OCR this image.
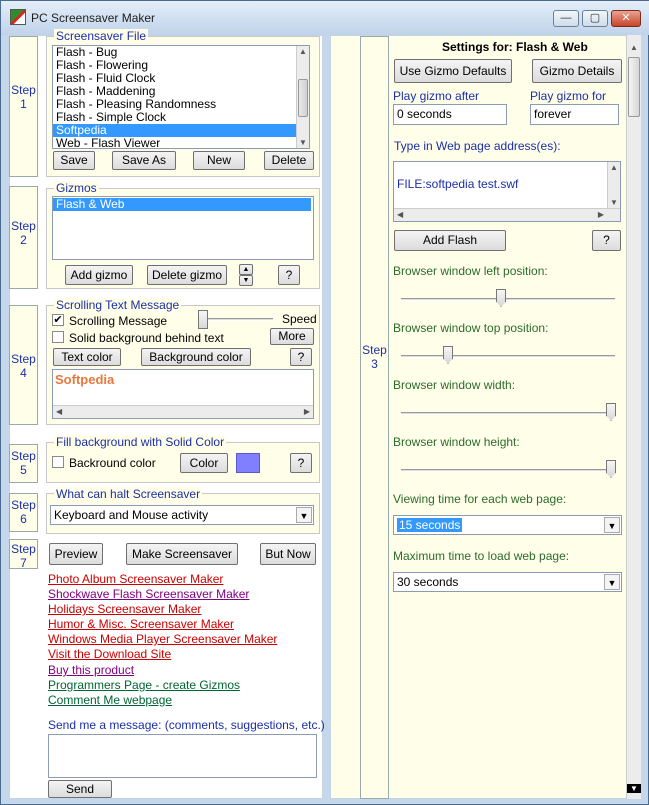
PC Screensaver Maker	—	▢	✕
Step
1
Screensaver File
Flash - Bug
Flash - Flowering
Flash - Fluid Clock
Flash - Maddening
Flash - Pleasing Randomness
Flash - Simple Clock
Softpedia
Web - Flash Viewer
▲
▼
Save	Save As	New	Delete
Step
2
Gizmos
Flash & Web
Add gizmo	Delete gizmo	▲
▼	?
Step
4
Scrolling Text Message
✔ Scrolling Message	Speed
Solid background behind text	More
Text color	Background color	?
Softpedia
◀	▶
Step
5
Fill background with Solid Color
Backround color	Color	?
Step
6
What can halt Screensaver
Keyboard and Mouse activity	▼
Step
7
Preview	Make Screensaver	But Now
Photo Album Screensaver Maker
Shockwave Flash Screensaver Maker
Holidays Screensaver Maker
Humor & Misc. Screensaver Maker
Windows Media Player Screensaver Maker
Visit the Download Site
Buy this product
Programmers Page - create Gizmos
Comment Me webpage
Send me a message: (comments, suggestions, etc.)
Send
Step
3
Settings for: Flash & Web
Use Gizmo Defaults	Gizmo Details
Play gizmo after
0 seconds
Play gizmo for
forever
Type in Web page address(es):
FILE:softpedia test.swf
▲
▼
◀	▶
Add Flash	?
Browser window left position:
Browser window top position:
Browser window width:
Browser window height:
Viewing time for each web page:
15 seconds	▼
Maximum time to load web page:
30 seconds	▼
▲
▼
